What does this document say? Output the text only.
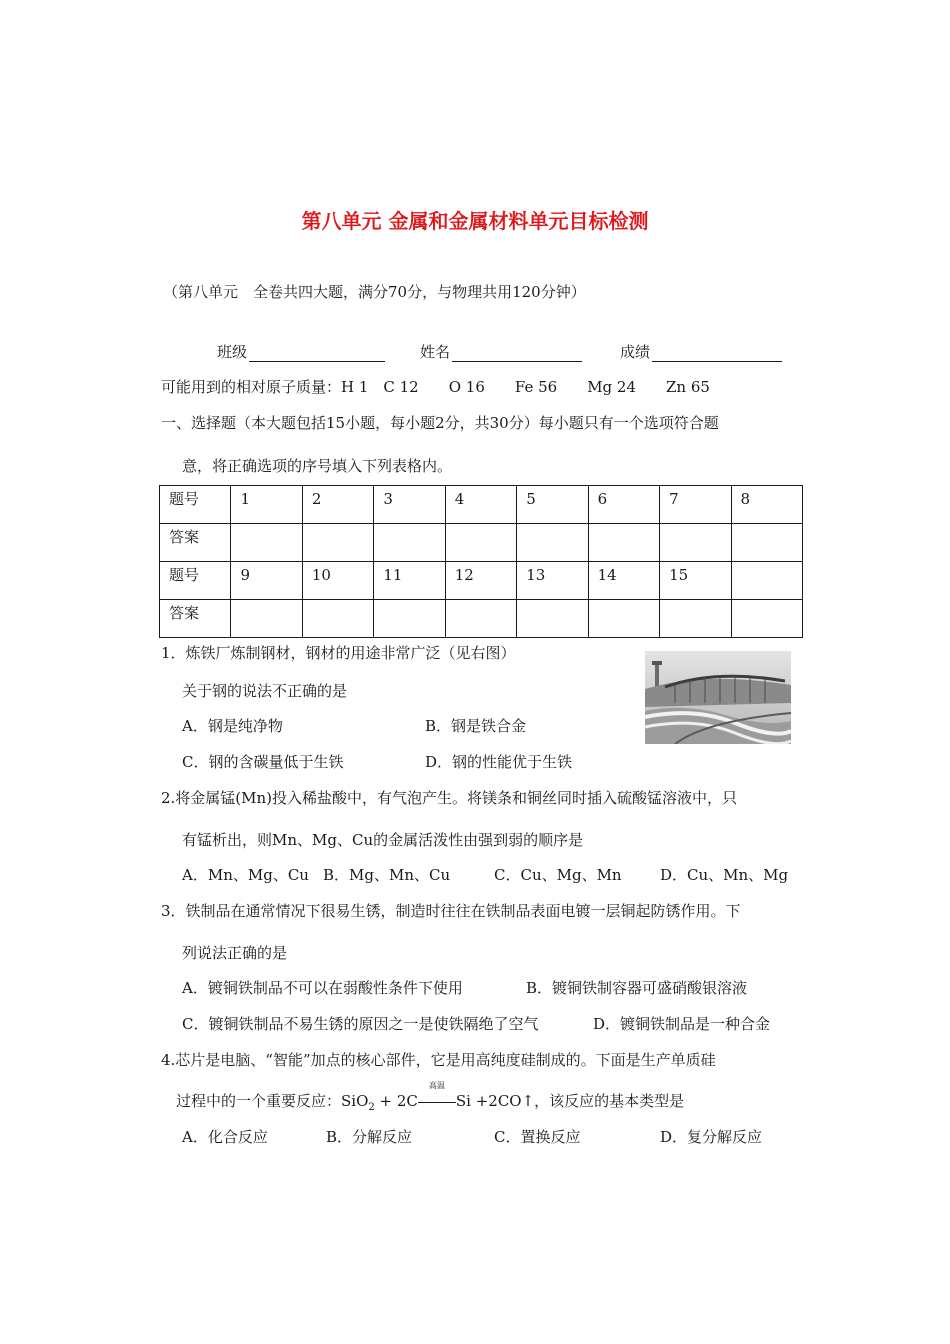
第八单元 金属和金属材料单元目标检测
（第八单元　全卷共四大题，满分70分，与物理共用120分钟）
班级	姓名	成绩
可能用到的相对原子质量：H 1　C 12　　O 16　　Fe 56　　Mg 24　　Zn 65
一、选择题（本大题包括15小题，每小题2分，共30分）每小题只有一个选项符合题
意，将正确选项的序号填入下列表格内。
题号	1	2	3	4	5	6	7	8
答案								
题号	9	10	11	12	13	14	15	
答案								
1．炼铁厂炼制钢材，钢材的用途非常广泛（见右图）
关于钢的说法不正确的是
A．钢是纯净物	B．钢是铁合金
C．钢的含碳量低于生铁	D．钢的性能优于生铁
2.将金属锰(Mn)投入稀盐酸中，有气泡产生。将镁条和铜丝同时插入硫酸锰溶液中，只
有锰析出，则Mn、Mg、Cu的金属活泼性由强到弱的顺序是
A．Mn、Mg、Cu B．Mg、Mn、Cu	C．Cu、Mg、Mn	D．Cu、Mn、Mg
3．铁制品在通常情况下很易生锈，制造时往往在铁制品表面电镀一层铜起防锈作用。下
列说法正确的是
A．镀铜铁制品不可以在弱酸性条件下使用	B．镀铜铁制容器可盛硝酸银溶液
C．镀铜铁制品不易生锈的原因之一是使铁隔绝了空气	D．镀铜铁制品是一种合金
4.芯片是电脑、“智能”加点的核心部件，它是用高纯度硅制成的。下面是生产单质硅
过程中的一个重要反应：SiO$_2$ + 2C
高温
Si +2CO↑，该反应的基本类型是
A．化合反应	B．分解反应	C．置换反应	D．复分解反应
